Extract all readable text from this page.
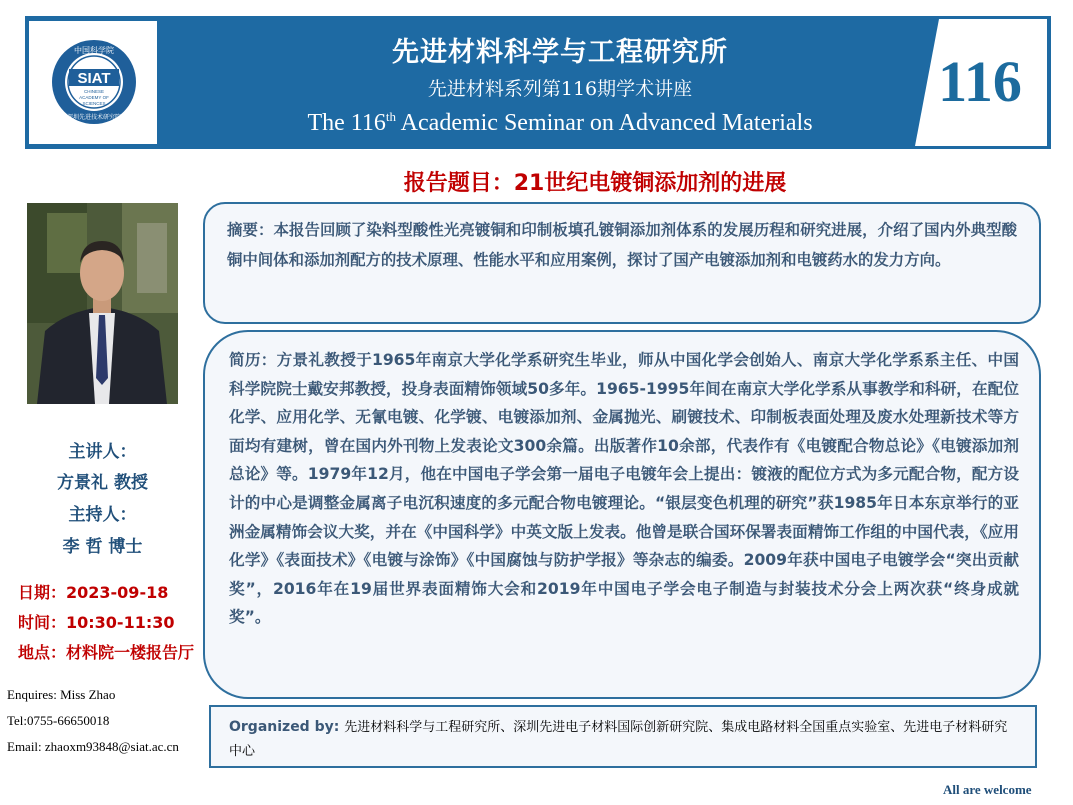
中国科学院
SIAT
CHINESE
ACADEMY OF
SCIENCES
深圳先进技术研究院
先进材料科学与工程研究所
先进材料系列第116期学术讲座
The 116th Academic Seminar on Advanced Materials
116
报告题目：21世纪电镀铜添加剂的进展
主讲人：
方景礼 教授
主持人：
李 哲 博士
日期：2023-09-18
时间：10:30-11:30
地点：材料院一楼报告厅
Enquires: Miss Zhao
Tel:0755-66650018
Email: zhaoxm93848@siat.ac.cn
摘要：本报告回顾了染料型酸性光亮镀铜和印制板填孔镀铜添加剂体系的发展历程和研究进展，介绍了国内外典型酸铜中间体和添加剂配方的技术原理、性能水平和应用案例，探讨了国产电镀添加剂和电镀药水的发力方向。
简历：方景礼教授于1965年南京大学化学系研究生毕业，师从中国化学会创始人、南京大学化学系系主任、中国科学院院士戴安邦教授，投身表面精饰领域50多年。1965-1995年间在南京大学化学系从事教学和科研，在配位化学、应用化学、无氰电镀、化学镀、电镀添加剂、金属抛光、刷镀技术、印制板表面处理及废水处理新技术等方面均有建树，曾在国内外刊物上发表论文300余篇。出版著作10余部，代表作有《电镀配合物总论》《电镀添加剂总论》等。1979年12月，他在中国电子学会第一届电子电镀年会上提出：镀液的配位方式为多元配合物，配方设计的中心是调整金属离子电沉积速度的多元配合物电镀理论。“银层变色机理的研究”获1985年日本东京举行的亚洲金属精饰会议大奖，并在《中国科学》中英文版上发表。他曾是联合国环保署表面精饰工作组的中国代表，《应用化学》《表面技术》《电镀与涂饰》《中国腐蚀与防护学报》等杂志的编委。2009年获中国电子电镀学会“突出贡献奖”，2016年在19届世界表面精饰大会和2019年中国电子学会电子制造与封装技术分会上两次获“终身成就奖”。
Organized by: 先进材料科学与工程研究所、深圳先进电子材料国际创新研究院、集成电路材料全国重点实验室、先进电子材料研究中心
All are welcome
